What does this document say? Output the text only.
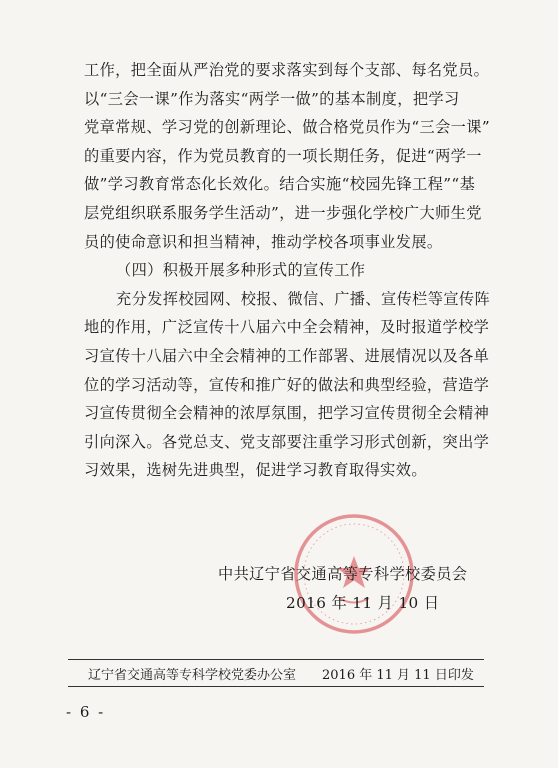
工作，把全面从严治党的要求落实到每个支部、每名党员。
以“三会一课”作为落实“两学一做”的基本制度，把学习
党章常规、学习党的创新理论、做合格党员作为“三会一课”
的重要内容，作为党员教育的一项长期任务，促进“两学一
做”学习教育常态化长效化。结合实施“校园先锋工程”“基
层党组织联系服务学生活动”，进一步强化学校广大师生党
员的使命意识和担当精神，推动学校各项事业发展。
（四）积极开展多种形式的宣传工作
充分发挥校园网、校报、微信、广播、宣传栏等宣传阵
地的作用，广泛宣传十八届六中全会精神，及时报道学校学
习宣传十八届六中全会精神的工作部署、进展情况以及各单
位的学习活动等，宣传和推广好的做法和典型经验，营造学
习宣传贯彻全会精神的浓厚氛围，把学习宣传贯彻全会精神
引向深入。各党总支、党支部要注重学习形式创新，突出学
习效果，选树先进典型，促进学习教育取得实效。
中共辽宁省交通高等专科学校委员会
2016 年 11 月 10 日
辽宁省交通高等专科学校党委办公室 2016 年 11 月 11 日印发
- 6 -
